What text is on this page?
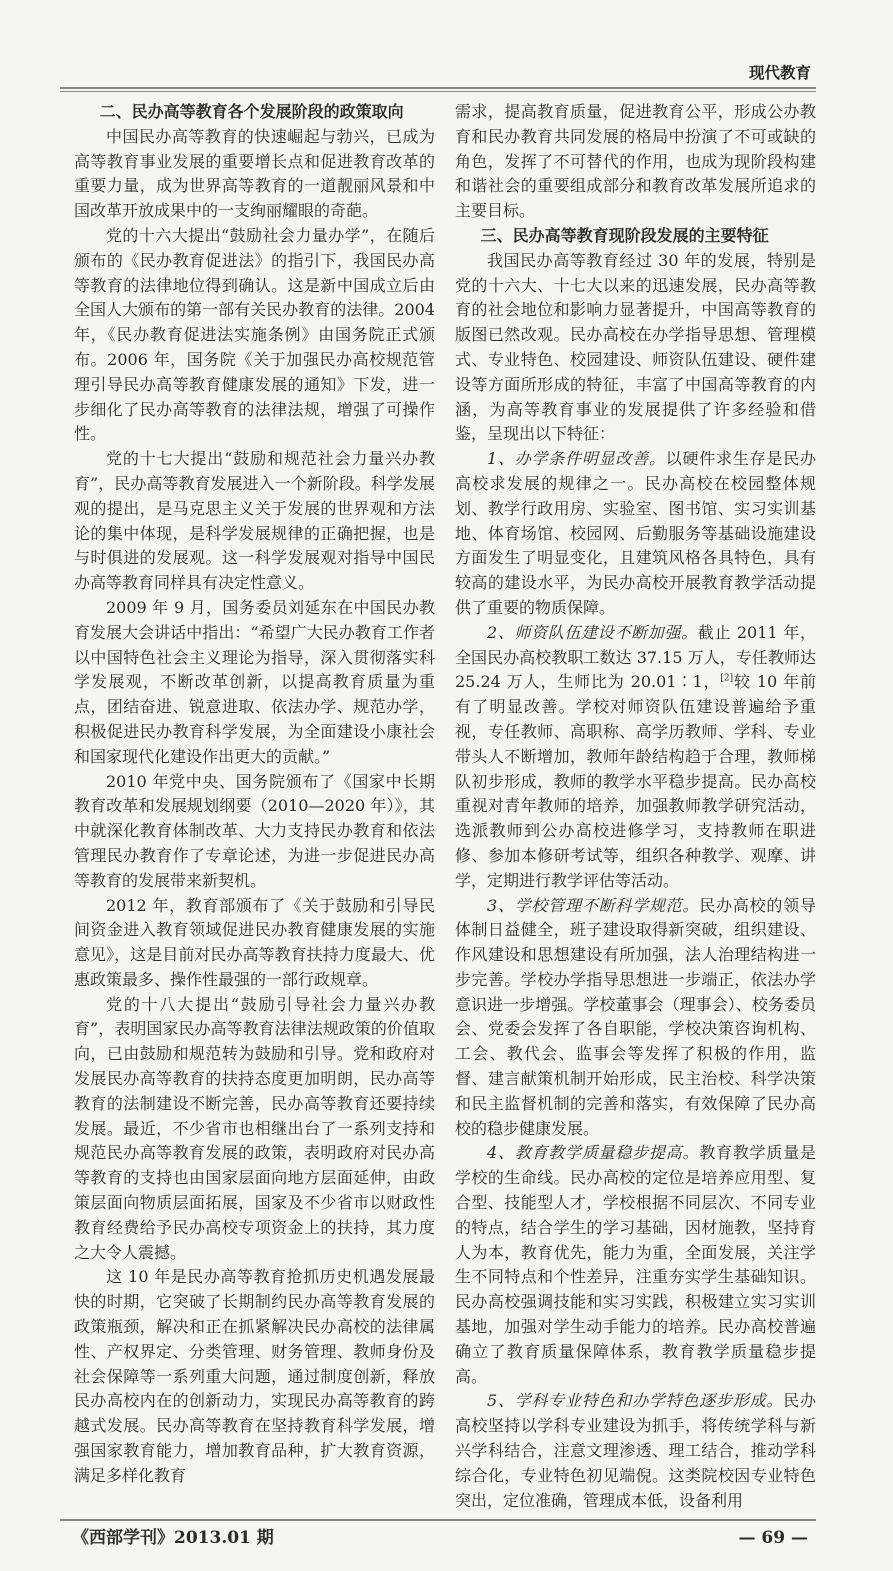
现代教育
二、民办高等教育各个发展阶段的政策取向

中国民办高等教育的快速崛起与勃兴，已成为高等教育事业发展的重要增长点和促进教育改革的重要力量，成为世界高等教育的一道靓丽风景和中国改革开放成果中的一支绚丽耀眼的奇葩。

党的十六大提出“鼓励社会力量办学”，在随后颁布的《民办教育促进法》的指引下，我国民办高等教育的法律地位得到确认。这是新中国成立后由全国人大颁布的第一部有关民办教育的法律。2004 年，《民办教育促进法实施条例》由国务院正式颁布。2006 年，国务院《关于加强民办高校规范管理引导民办高等教育健康发展的通知》下发，进一步细化了民办高等教育的法律法规，增强了可操作性。

党的十七大提出“鼓励和规范社会力量兴办教育”，民办高等教育发展进入一个新阶段。科学发展观的提出，是马克思主义关于发展的世界观和方法论的集中体现，是科学发展规律的正确把握，也是与时俱进的发展观。这一科学发展观对指导中国民办高等教育同样具有决定性意义。

2009 年 9 月，国务委员刘延东在中国民办教育发展大会讲话中指出：“希望广大民办教育工作者以中国特色社会主义理论为指导，深入贯彻落实科学发展观，不断改革创新，以提高教育质量为重点，团结奋进、锐意进取、依法办学、规范办学，积极促进民办教育科学发展，为全面建设小康社会和国家现代化建设作出更大的贡献。”

2010 年党中央、国务院颁布了《国家中长期教育改革和发展规划纲要（2010—2020 年）》，其中就深化教育体制改革、大力支持民办教育和依法管理民办教育作了专章论述，为进一步促进民办高等教育的发展带来新契机。

2012 年，教育部颁布了《关于鼓励和引导民间资金进入教育领域促进民办教育健康发展的实施意见》，这是目前对民办高等教育扶持力度最大、优惠政策最多、操作性最强的一部行政规章。

党的十八大提出“鼓励引导社会力量兴办教育”，表明国家民办高等教育法律法规政策的价值取向，已由鼓励和规范转为鼓励和引导。党和政府对发展民办高等教育的扶持态度更加明朗，民办高等教育的法制建设不断完善，民办高等教育还要持续发展。最近，不少省市也相继出台了一系列支持和规范民办高等教育发展的政策，表明政府对民办高等教育的支持也由国家层面向地方层面延伸，由政策层面向物质层面拓展，国家及不少省市以财政性教育经费给予民办高校专项资金上的扶持，其力度之大令人震撼。

这 10 年是民办高等教育抢抓历史机遇发展最快的时期，它突破了长期制约民办高等教育发展的政策瓶颈，解决和正在抓紧解决民办高校的法律属性、产权界定、分类管理、财务管理、教师身份及社会保障等一系列重大问题，通过制度创新，释放民办高校内在的创新动力，实现民办高等教育的跨越式发展。民办高等教育在坚持教育科学发展，增强国家教育能力，增加教育品种，扩大教育资源，满足多样化教育

需求，提高教育质量，促进教育公平，形成公办教育和民办教育共同发展的格局中扮演了不可或缺的角色，发挥了不可替代的作用，也成为现阶段构建和谐社会的重要组成部分和教育改革发展所追求的主要目标。

三、民办高等教育现阶段发展的主要特征

我国民办高等教育经过 30 年的发展，特别是党的十六大、十七大以来的迅速发展，民办高等教育的社会地位和影响力显著提升，中国高等教育的版图已然改观。民办高校在办学指导思想、管理模式、专业特色、校园建设、师资队伍建设、硬件建设等方面所形成的特征，丰富了中国高等教育的内涵，为高等教育事业的发展提供了许多经验和借鉴，呈现出以下特征：

1、办学条件明显改善。以硬件求生存是民办高校求发展的规律之一。民办高校在校园整体规划、教学行政用房、实验室、图书馆、实习实训基地、体育场馆、校园网、后勤服务等基础设施建设方面发生了明显变化，且建筑风格各具特色，具有较高的建设水平，为民办高校开展教育教学活动提供了重要的物质保障。

2、师资队伍建设不断加强。截止 2011 年，全国民办高校教职工数达 37.15 万人，专任教师达 25.24 万人，生师比为 20.01∶1，[2]较 10 年前有了明显改善。学校对师资队伍建设普遍给予重视，专任教师、高职称、高学历教师、学科、专业带头人不断增加，教师年龄结构趋于合理，教师梯队初步形成，教师的教学水平稳步提高。民办高校重视对青年教师的培养，加强教师教学研究活动，选派教师到公办高校进修学习，支持教师在职进修、参加本修研考试等，组织各种教学、观摩、讲学，定期进行教学评估等活动。

3、学校管理不断科学规范。民办高校的领导体制日益健全，班子建设取得新突破，组织建设、作风建设和思想建设有所加强，法人治理结构进一步完善。学校办学指导思想进一步端正，依法办学意识进一步增强。学校董事会（理事会）、校务委员会、党委会发挥了各自职能，学校决策咨询机构、工会、教代会、监事会等发挥了积极的作用，监督、建言献策机制开始形成，民主治校、科学决策和民主监督机制的完善和落实，有效保障了民办高校的稳步健康发展。

4、教育教学质量稳步提高。教育教学质量是学校的生命线。民办高校的定位是培养应用型、复合型、技能型人才，学校根据不同层次、不同专业的特点，结合学生的学习基础，因材施教，坚持育人为本，教育优先，能力为重，全面发展，关注学生不同特点和个性差异，注重夯实学生基础知识。民办高校强调技能和实习实践，积极建立实习实训基地，加强对学生动手能力的培养。民办高校普遍确立了教育质量保障体系，教育教学质量稳步提高。

5、学科专业特色和办学特色逐步形成。民办高校坚持以学科专业建设为抓手，将传统学科与新兴学科结合，注意文理渗透、理工结合，推动学科综合化，专业特色初见端倪。这类院校因专业特色突出，定位准确，管理成本低，设备利用

《西部学刊》2013.01 期	— 69 —
